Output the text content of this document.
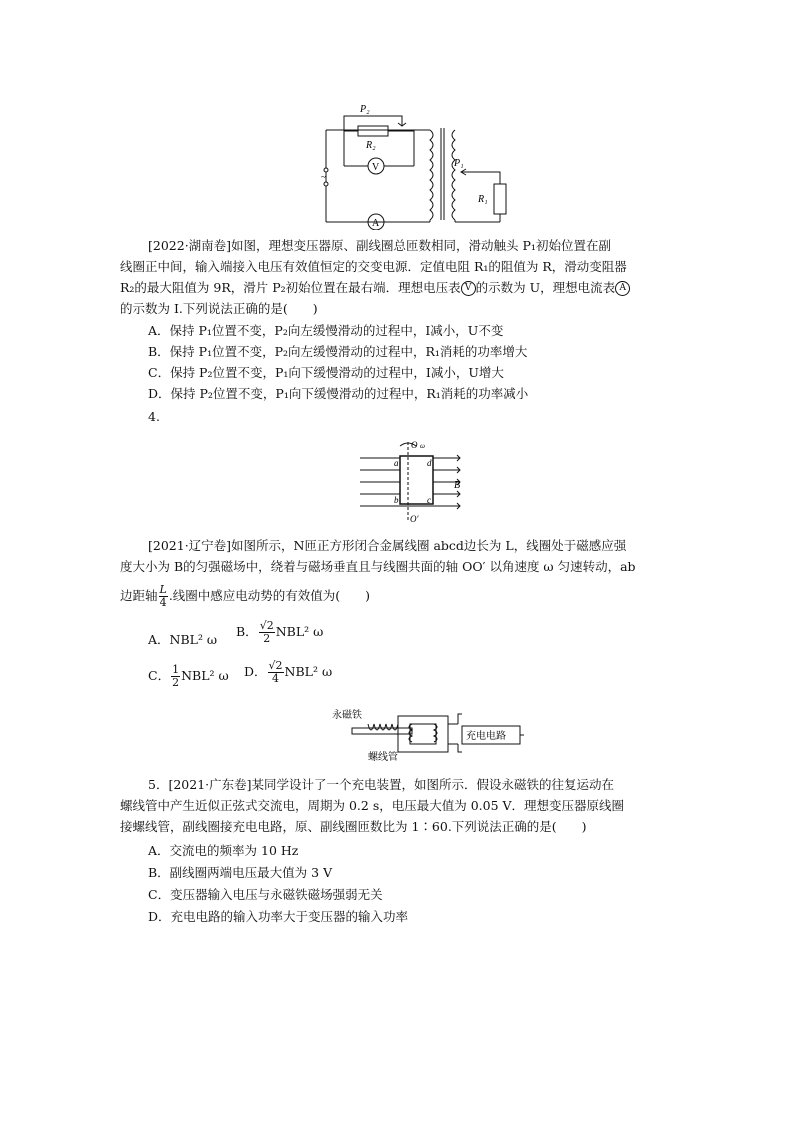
~
P₂
R₂
V
A
P₁
R₁
[2022·湖南卷]如图，理想变压器原、副线圈总匝数相同，滑动触头 P₁初始位置在副
线圈正中间，输入端接入电压有效值恒定的交变电源．定值电阻 R₁的阻值为 R，滑动变阻器
R₂的最大阻值为 9R，滑片 P₂初始位置在最右端．理想电压表 V 的示数为 U，理想电流表 A
的示数为 I.下列说法正确的是(　　)
A．保持 P₁位置不变，P₂向左缓慢滑动的过程中，I减小，U不变
B．保持 P₁位置不变，P₂向左缓慢滑动的过程中，R₁消耗的功率增大
C．保持 P₂位置不变，P₁向下缓慢滑动的过程中，I减小，U增大
D．保持 P₂位置不变，P₁向下缓慢滑动的过程中，R₁消耗的功率减小
4.
O ω
a	d
b	c
B
O′
[2021·辽宁卷]如图所示，N匝正方形闭合金属线圈 abcd边长为 L，线圈处于磁感应强
度大小为 B的匀强磁场中，绕着与磁场垂直且与线圈共面的轴 OO′ 以角速度 ω 匀速转动，ab
边距轴 $\frac{L}{4}$ .线圈中感应电动势的有效值为(　　)
A．NBL² ω
B． $\frac{√2}{2} NBL^2$ ω
C． $\frac{1}{2} NBL^2$ ω D． $\frac{√2}{4} NBL^2$ ω
永磁铁
螺线管
充电电路
5．[2021·广东卷]某同学设计了一个充电装置，如图所示．假设永磁铁的往复运动在
螺线管中产生近似正弦式交流电，周期为 0.2 s，电压最大值为 0.05 V．理想变压器原线圈
接螺线管，副线圈接充电电路，原、副线圈匝数比为 1∶60.下列说法正确的是(　　)
A．交流电的频率为 10 Hz
B．副线圈两端电压最大值为 3 V
C．变压器输入电压与永磁铁磁场强弱无关
D．充电电路的输入功率大于变压器的输入功率
